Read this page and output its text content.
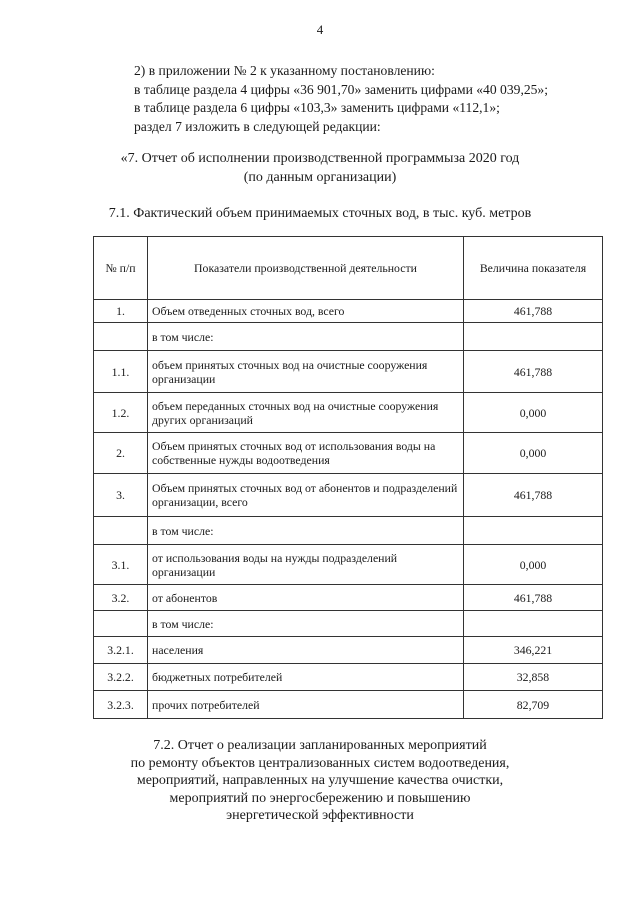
4
2) в приложении № 2 к указанному постановлению:
в таблице раздела 4 цифры «36 901,70» заменить цифрами «40 039,25»;
в таблице раздела 6 цифры «103,3» заменить цифрами «112,1»;
раздел 7 изложить в следующей редакции:
«7. Отчет об исполнении производственной программыза 2020 год
(по данным организации)
7.1. Фактический объем принимаемых сточных вод, в тыс. куб. метров
№ п/п	Показатели производственной деятельности	Величина показателя
1.	Объем отведенных сточных вод, всего	461,788
	в том числе:	
1.1.	объем принятых сточных вод на очистные сооружения организации	461,788
1.2.	объем переданных сточных вод на очистные сооружения других организаций	0,000
2.	Объем принятых сточных вод от использования воды на собственные нужды водоотведения	0,000
3.	Объем принятых сточных вод от абонентов и подразделений организации, всего	461,788
	в том числе:	
3.1.	от использования воды на нужды подразделений организации	0,000
3.2.	от абонентов	461,788
	в том числе:	
3.2.1.	населения	346,221
3.2.2.	бюджетных потребителей	32,858
3.2.3.	прочих потребителей	82,709
7.2. Отчет о реализации запланированных мероприятий
по ремонту объектов централизованных систем водоотведения,
мероприятий, направленных на улучшение качества очистки,
мероприятий по энергосбережению и повышению
энергетической эффективности
